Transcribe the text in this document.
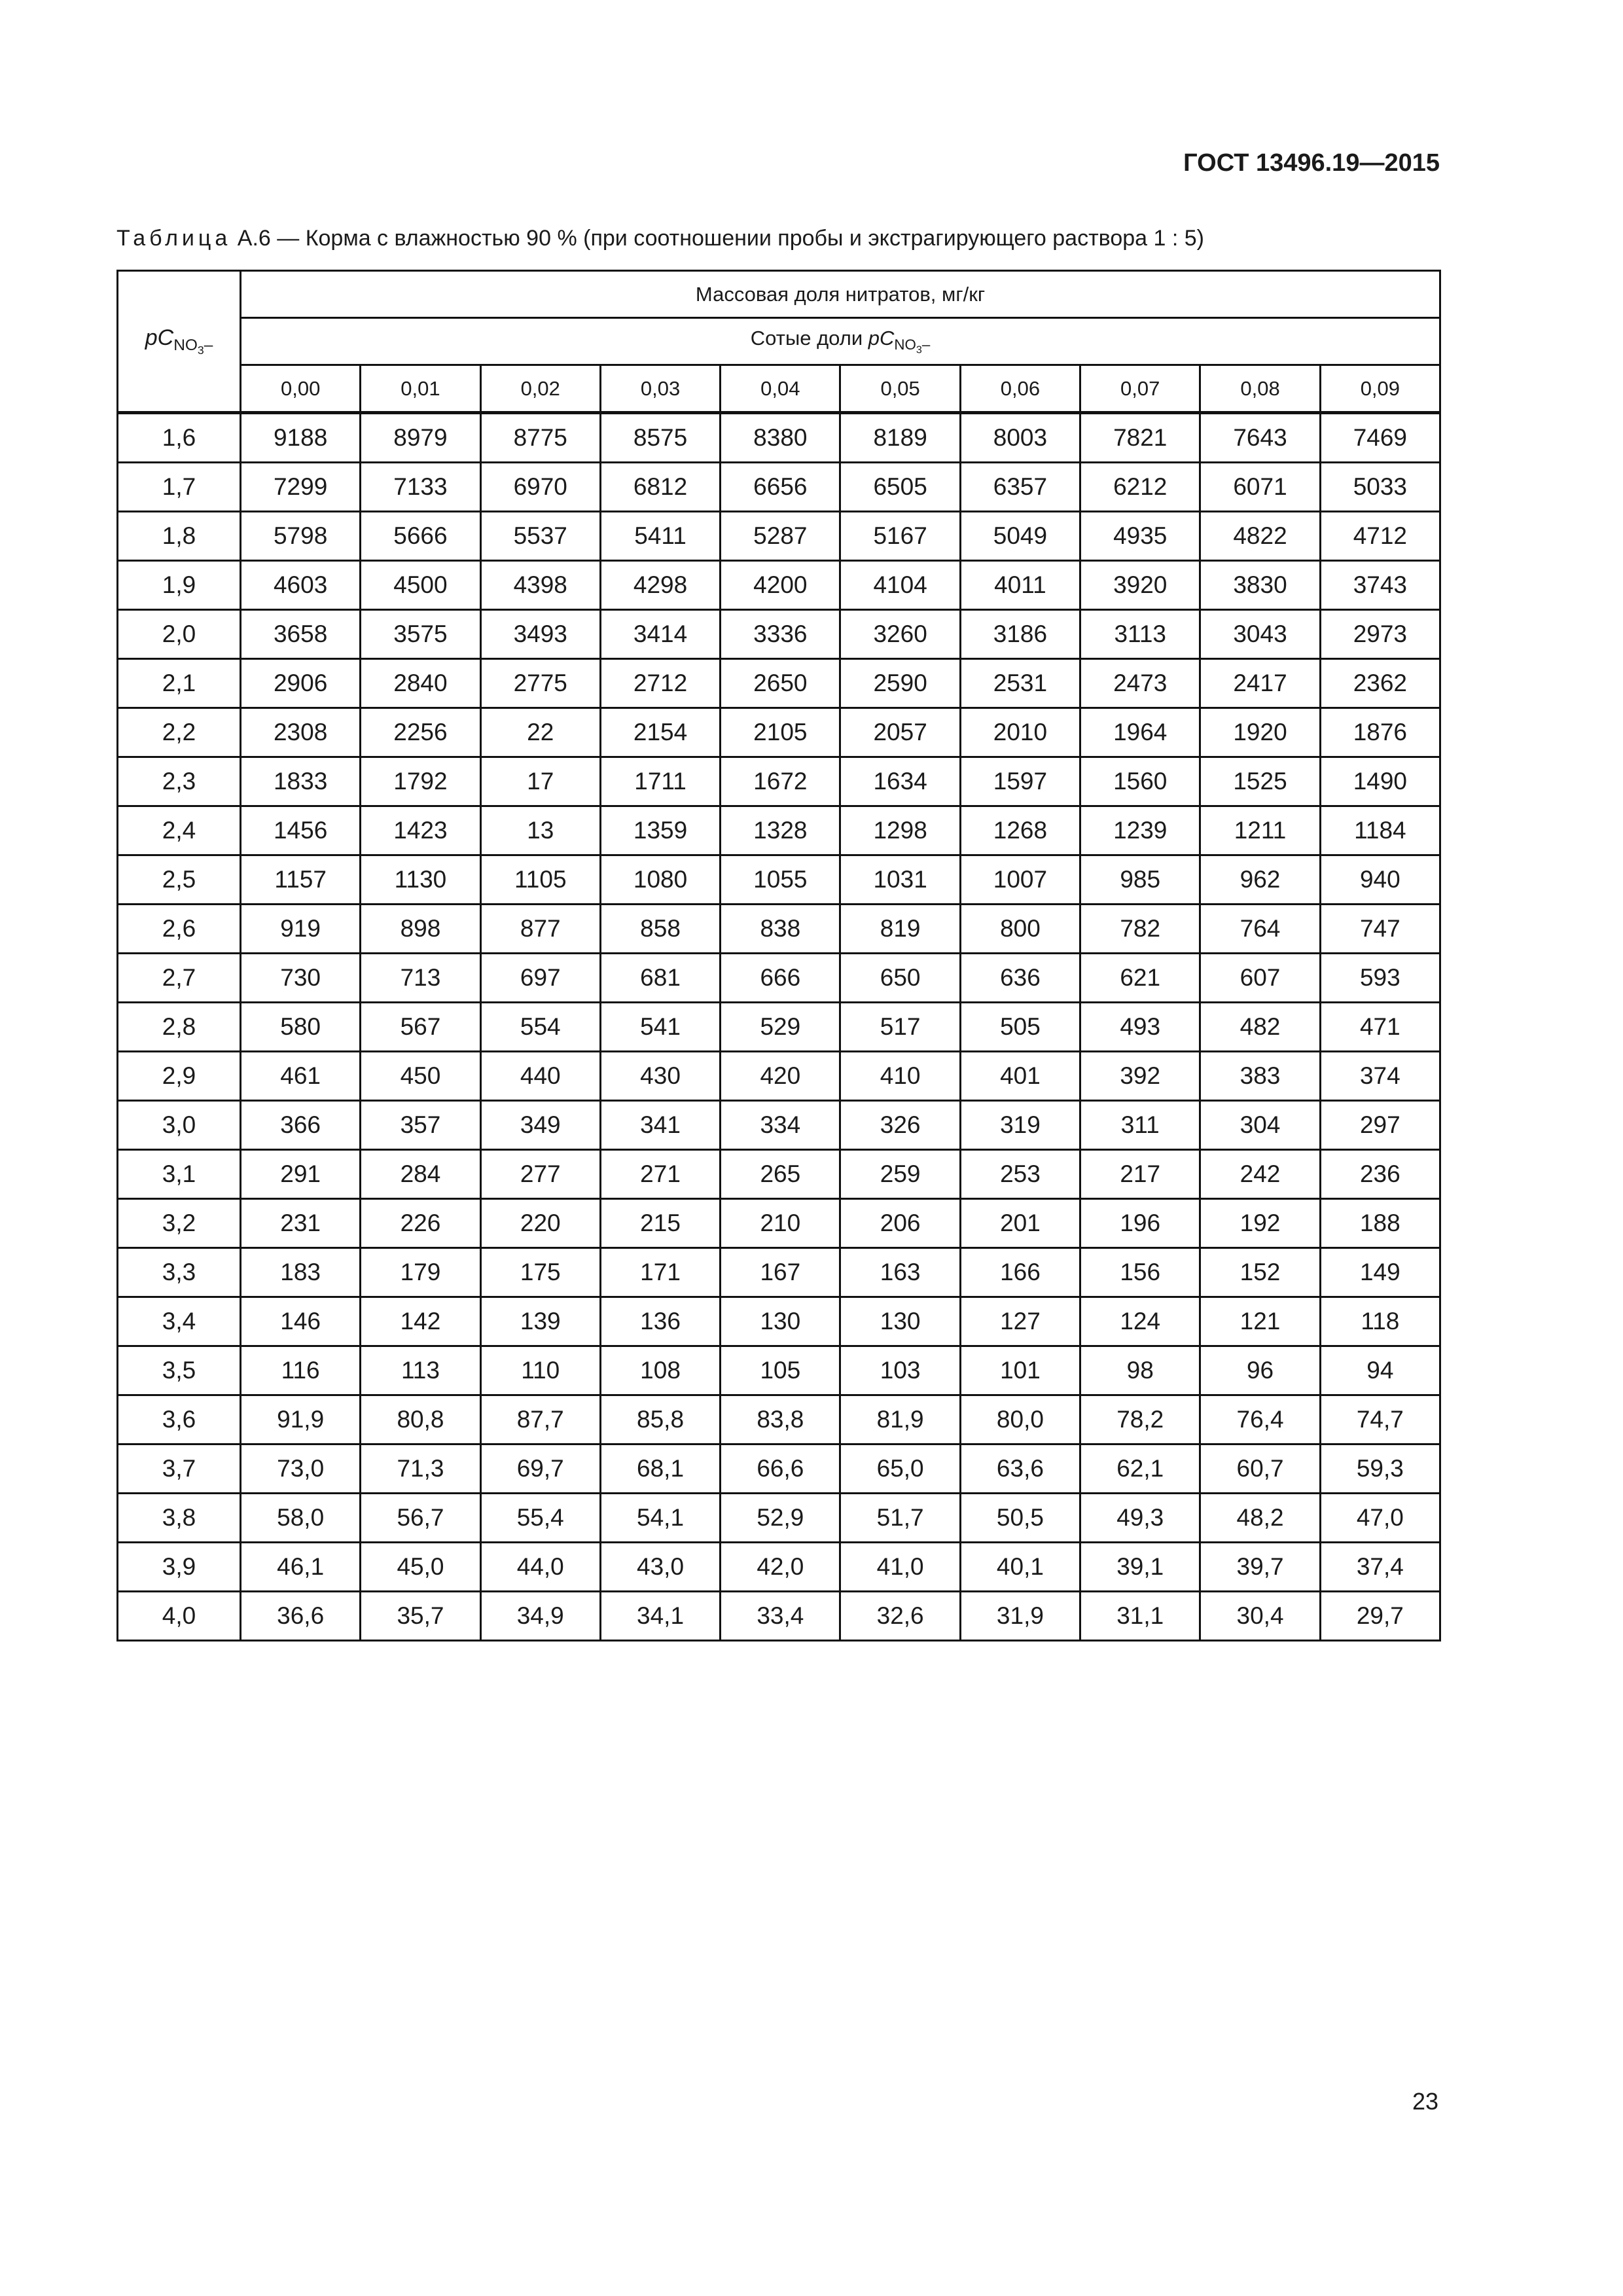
ГОСТ 13496.19—2015
Таблица А.6 — Корма с влажностью 90 % (при соотношении пробы и экстрагирующего раствора 1 : 5)
$pC_{NO_3-}$	Массовая доля нитратов, мг/кг									
	Сотые доли $pC_{NO_3-}$
	0,00	0,01	0,02	0,03	0,04	0,05	0,06	0,07	0,08	0,09
1,6	9188	8979	8775	8575	8380	8189	8003	7821	7643	7469
1,7	7299	7133	6970	6812	6656	6505	6357	6212	6071	5033
1,8	5798	5666	5537	5411	5287	5167	5049	4935	4822	4712
1,9	4603	4500	4398	4298	4200	4104	4011	3920	3830	3743
2,0	3658	3575	3493	3414	3336	3260	3186	3113	3043	2973
2,1	2906	2840	2775	2712	2650	2590	2531	2473	2417	2362
2,2	2308	2256	22	2154	2105	2057	2010	1964	1920	1876
2,3	1833	1792	17	1711	1672	1634	1597	1560	1525	1490
2,4	1456	1423	13	1359	1328	1298	1268	1239	1211	1184
2,5	1157	1130	1105	1080	1055	1031	1007	985	962	940
2,6	919	898	877	858	838	819	800	782	764	747
2,7	730	713	697	681	666	650	636	621	607	593
2,8	580	567	554	541	529	517	505	493	482	471
2,9	461	450	440	430	420	410	401	392	383	374
3,0	366	357	349	341	334	326	319	311	304	297
3,1	291	284	277	271	265	259	253	217	242	236
3,2	231	226	220	215	210	206	201	196	192	188
3,3	183	179	175	171	167	163	166	156	152	149
3,4	146	142	139	136	130	130	127	124	121	118
3,5	116	113	110	108	105	103	101	98	96	94
3,6	91,9	80,8	87,7	85,8	83,8	81,9	80,0	78,2	76,4	74,7
3,7	73,0	71,3	69,7	68,1	66,6	65,0	63,6	62,1	60,7	59,3
3,8	58,0	56,7	55,4	54,1	52,9	51,7	50,5	49,3	48,2	47,0
3,9	46,1	45,0	44,0	43,0	42,0	41,0	40,1	39,1	39,7	37,4
4,0	36,6	35,7	34,9	34,1	33,4	32,6	31,9	31,1	30,4	29,7
23
